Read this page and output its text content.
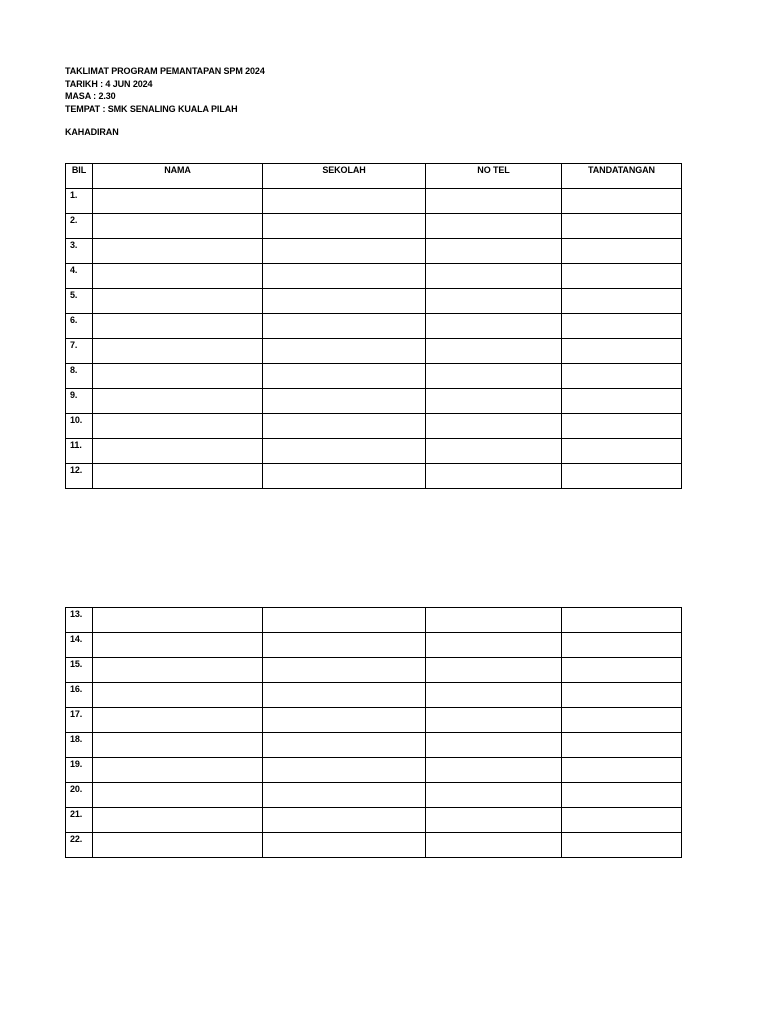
TAKLIMAT PROGRAM PEMANTAPAN SPM 2024
TARIKH : 4 JUN 2024
MASA : 2.30
TEMPAT : SMK SENALING KUALA PILAH
KAHADIRAN
BIL	NAMA	SEKOLAH	NO TEL	TANDATANGAN
1.				
2.				
3.				
4.				
5.				
6.				
7.				
8.				
9.				
10.				
11.				
12.				
13.				
14.				
15.				
16.				
17.				
18.				
19.				
20.				
21.				
22.				
